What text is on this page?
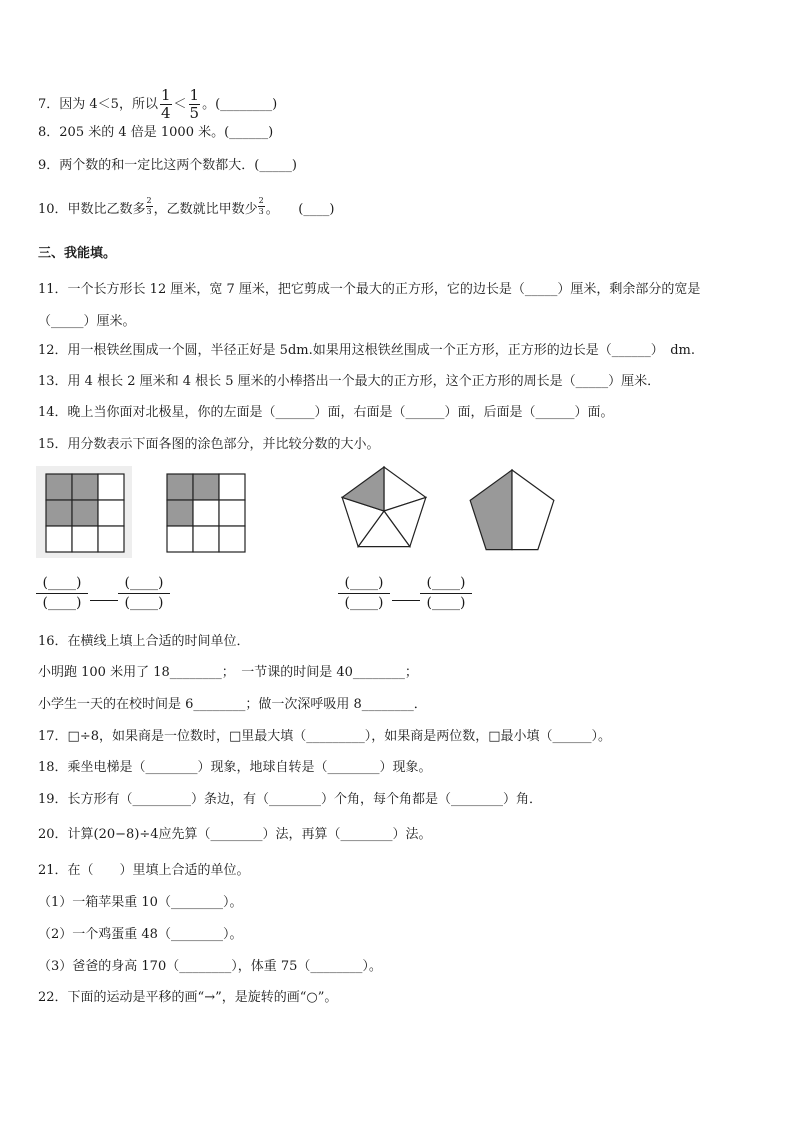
7．因为 4＜5，所以 $\frac{1}{4} < \frac{1}{5}$ 。(________)
8．205 米的 4 倍是 1000 米。(______)
9．两个数的和一定比这两个数都大．(_____)
10．甲数比乙数多 $\frac{2}{3}$ ，乙数就比甲数少 $\frac{2}{3}$ 。　　(____)
三、我能填。
11．一个长方形长 12 厘米，宽 7 厘米，把它剪成一个最大的正方形，它的边长是（_____）厘米，剩余部分的宽是
（_____）厘米。
12．用一根铁丝围成一个圆，半径正好是 5dm.如果用这根铁丝围成一个正方形，正方形的边长是（______）　dm.
13．用 4 根长 2 厘米和 4 根长 5 厘米的小棒搭出一个最大的正方形，这个正方形的周长是（_____）厘米．
14．晚上当你面对北极星，你的左面是（______）面，右面是（______）面，后面是（______）面。
15．用分数表示下面各图的涂色部分，并比较分数的大小。
(____)
(____)
(____)
(____)
(____)
(____)
(____)
(____)
16．在横线上填上合适的时间单位．
小明跑 100 米用了 18________；　一节课的时间是 40________；
小学生一天的在校时间是 6________；做一次深呼吸用 8________．
17．□÷8，如果商是一位数时，□里最大填（_________），如果商是两位数，□最小填（______）。
18．乘坐电梯是（________）现象，地球自转是（________）现象。
19．长方形有（_________）条边，有（________）个角，每个角都是（________）角．
20．计算(20−8)÷4应先算（________）法，再算（________）法。
21．在（　　）里填上合适的单位。
（1）一箱苹果重 10（________）。
（2）一个鸡蛋重 48（________）。
（3）爸爸的身高 170（________），体重 75（________）。
22．下面的运动是平移的画“→”，是旋转的画“○”。
